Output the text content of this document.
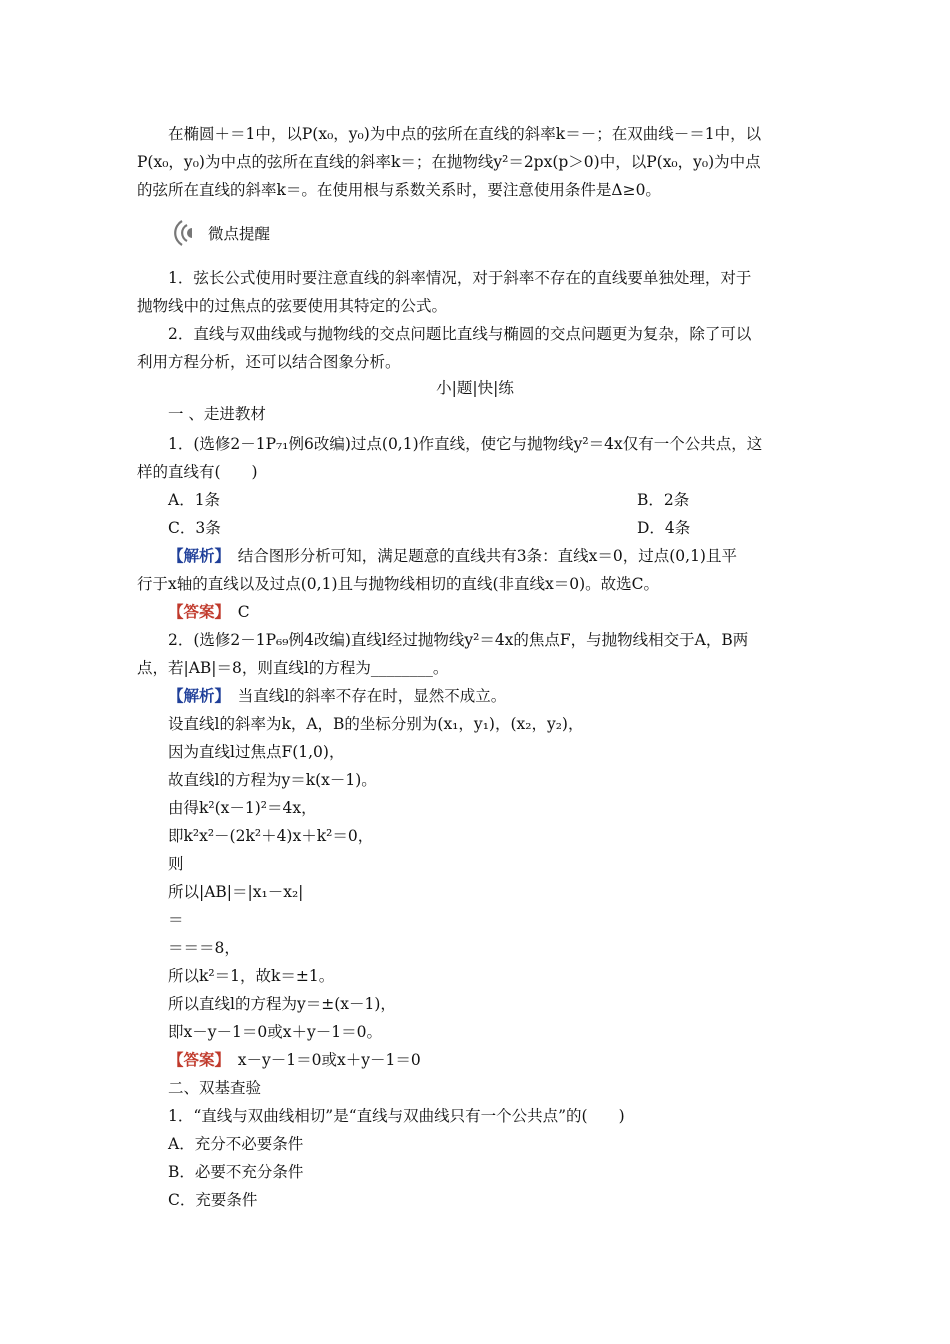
在椭圆＋＝1中，以P(x₀，y₀)为中点的弦所在直线的斜率k＝－；在双曲线－＝1中，以
P(x₀，y₀)为中点的弦所在直线的斜率k＝；在抛物线y²＝2px(p＞0)中，以P(x₀，y₀)为中点
的弦所在直线的斜率k＝。在使用根与系数关系时，要注意使用条件是Δ≥0。
微点提醒
1．弦长公式使用时要注意直线的斜率情况，对于斜率不存在的直线要单独处理，对于
抛物线中的过焦点的弦要使用其特定的公式。
2．直线与双曲线或与抛物线的交点问题比直线与椭圆的交点问题更为复杂，除了可以
利用方程分析，还可以结合图象分析。
小|题|快|练
一 、走进教材
1．(选修2－1P₇₁例6改编)过点(0,1)作直线，使它与抛物线y²＝4x仅有一个公共点，这
样的直线有(　　)
A．1条	B．2条
C．3条	D．4条
【解析】　结合图形分析可知，满足题意的直线共有3条：直线x＝0，过点(0,1)且平
行于x轴的直线以及过点(0,1)且与抛物线相切的直线(非直线x＝0)。故选C。
【答案】　C
2．(选修2－1P₆₉例4改编)直线l经过抛物线y²＝4x的焦点F，与抛物线相交于A，B两
点，若|AB|＝8，则直线l的方程为________。
【解析】　当直线l的斜率不存在时，显然不成立。
设直线l的斜率为k，A，B的坐标分别为(x₁，y₁)，(x₂，y₂)，
因为直线l过焦点F(1,0)，
故直线l的方程为y＝k(x－1)。
由得k²(x－1)²＝4x，
即k²x²－(2k²＋4)x＋k²＝0，
则
所以|AB|＝|x₁－x₂|
＝
＝＝＝8，
所以k²＝1，故k＝±1。
所以直线l的方程为y＝±(x－1)，
即x－y－1＝0或x＋y－1＝0。
【答案】　x－y－1＝0或x＋y－1＝0
二、双基查验
1．“直线与双曲线相切”是“直线与双曲线只有一个公共点”的(　　)
A．充分不必要条件
B．必要不充分条件
C．充要条件
